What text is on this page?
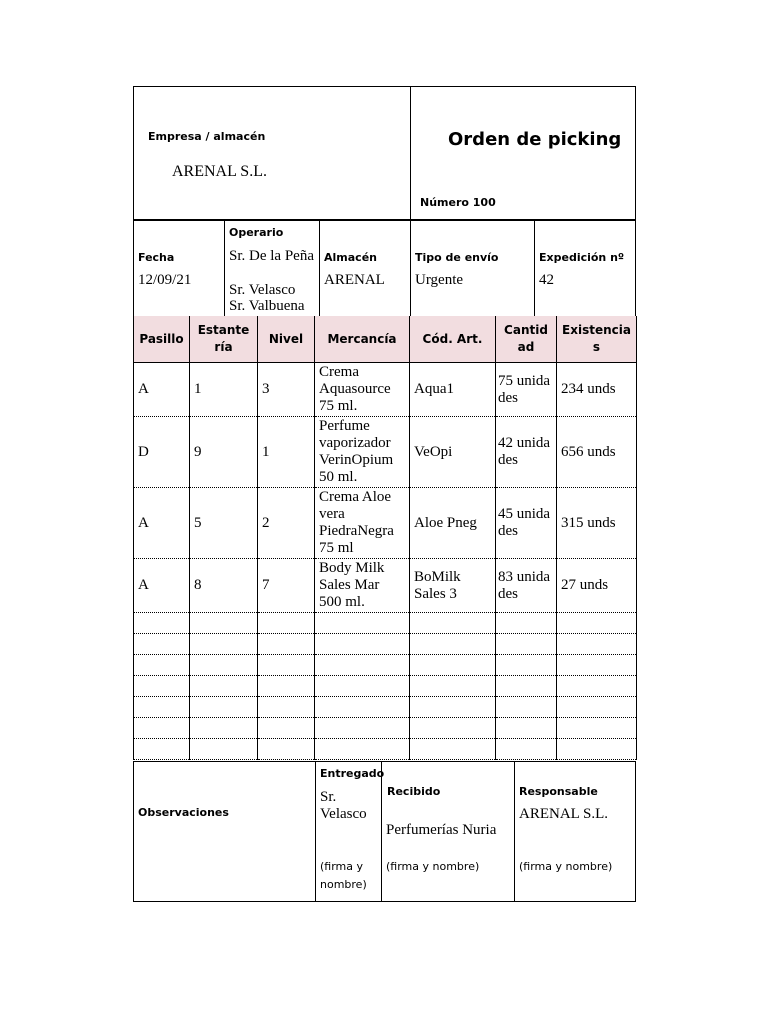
Empresa / almacén
ARENAL S.L.
Orden de picking
Número 100
Fecha
12/09/21
Operario
Sr. De la Peña
Sr. Velasco
Sr. Valbuena
Almacén
ARENAL
Tipo de envío
Urgente
Expedición nº
42
Pasillo	Estantería	Nivel	Mercancía	Cód. Art.	Cantidad	Existencias
A	1	3	Crema Aquasource 75 ml.	Aqua1	75 unidades	234 unds
D	9	1	Perfume vaporizador VerinOpium 50 ml.	VeOpi	42 unidades	656 unds
A	5	2	Crema Aloe vera PiedraNegra 75 ml	Aloe Pneg	45 unidades	315 unds
A	8	7	Body Milk Sales Mar 500 ml.	BoMilk Sales 3	83 unidades	27 unds

Observaciones
Entregado
Sr. Velasco
(firma y nombre)
Recibido
Perfumerías Nuria
(firma y nombre)
Responsable
ARENAL S.L.
(firma y nombre)
